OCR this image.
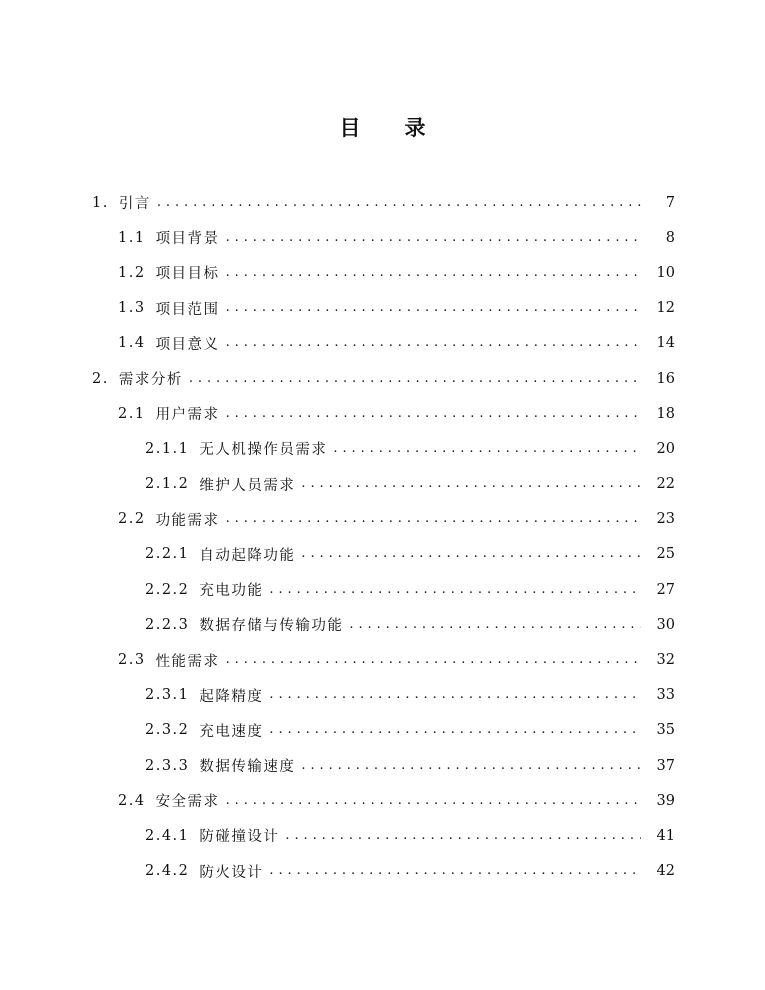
目 录
1. 引言 . . .	7
1.1 项目背景 . . .	8
1.2 项目目标 . . .	10
1.3 项目范围 . . .	12
1.4 项目意义 . . .	14
2. 需求分析 . . .	16
2.1 用户需求 . . .	18
2.1.1 无人机操作员需求 . . .	20
2.1.2 维护人员需求 . . .	22
2.2 功能需求 . . .	23
2.2.1 自动起降功能 . . .	25
2.2.2 充电功能 . . .	27
2.2.3 数据存储与传输功能 . . .	30
2.3 性能需求 . . .	32
2.3.1 起降精度 . . .	33
2.3.2 充电速度 . . .	35
2.3.3 数据传输速度 . . .	37
2.4 安全需求 . . .	39
2.4.1 防碰撞设计 . . .	41
2.4.2 防火设计 . . .	42
